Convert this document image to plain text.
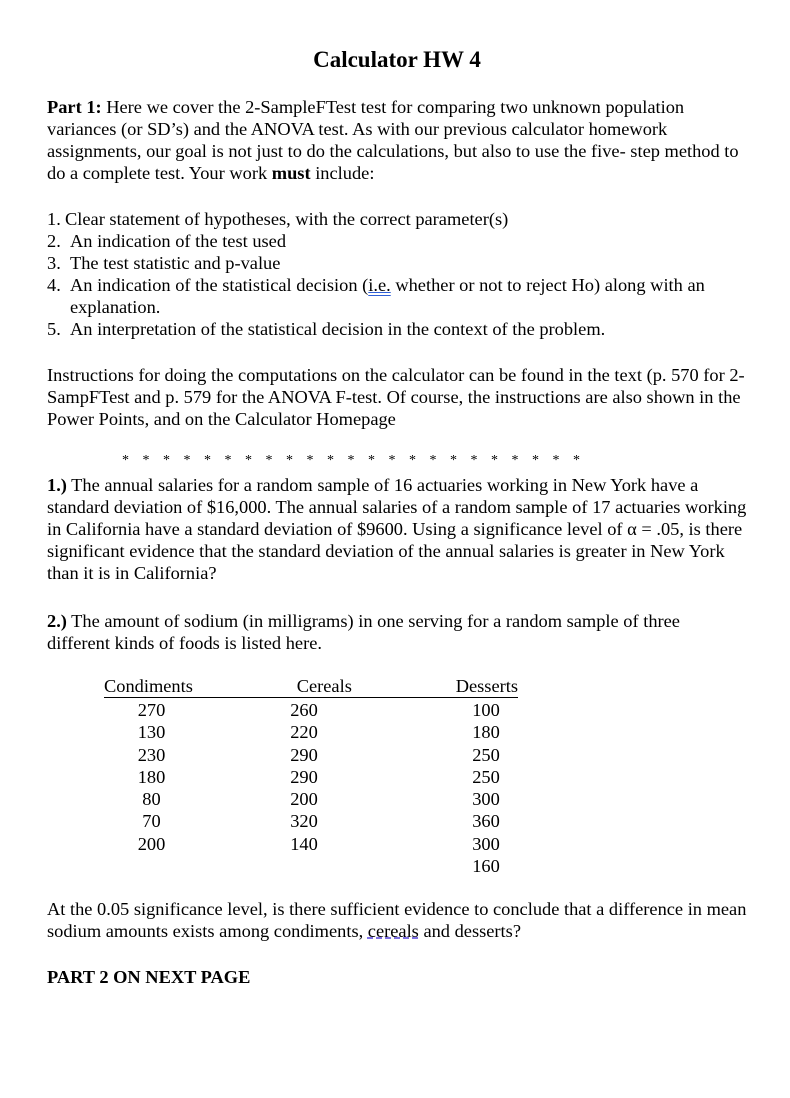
Calculator HW 4
Part 1: Here we cover the 2-SampleFTest test for comparing two unknown population variances (or SD’s) and the ANOVA test. As with our previous calculator homework assignments, our goal is not just to do the calculations, but also to use the five- step method to do a complete test. Your work must include:
1. Clear statement of hypotheses, with the correct parameter(s)
2. An indication of the test used
3. The test statistic and p-value
4. An indication of the statistical decision (i.e. whether or not to reject Ho) along with an explanation.
5. An interpretation of the statistical decision in the context of the problem.
Instructions for doing the computations on the calculator can be found in the text (p. 570 for 2-SampFTest and p. 579 for the ANOVA F-test. Of course, the instructions are also shown in the Power Points, and on the Calculator Homepage
* * * * * * * * * * * * * * * * * * * * * * *
1.) The annual salaries for a random sample of 16 actuaries working in New York have a standard deviation of $16,000. The annual salaries of a random sample of 17 actuaries working in California have a standard deviation of $9600. Using a significance level of α = .05, is there significant evidence that the standard deviation of the annual salaries is greater in New York than it is in California?
2.) The amount of sodium (in milligrams) in one serving for a random sample of three different kinds of foods is listed here.
Condiments	Cereals	Desserts
270
130
230
180
80
70
200
260
220
290
290
200
320
140
100
180
250
250
300
360
300
160
At the 0.05 significance level, is there sufficient evidence to conclude that a difference in mean sodium amounts exists among condiments, cereals and desserts?
PART 2 ON NEXT PAGE
